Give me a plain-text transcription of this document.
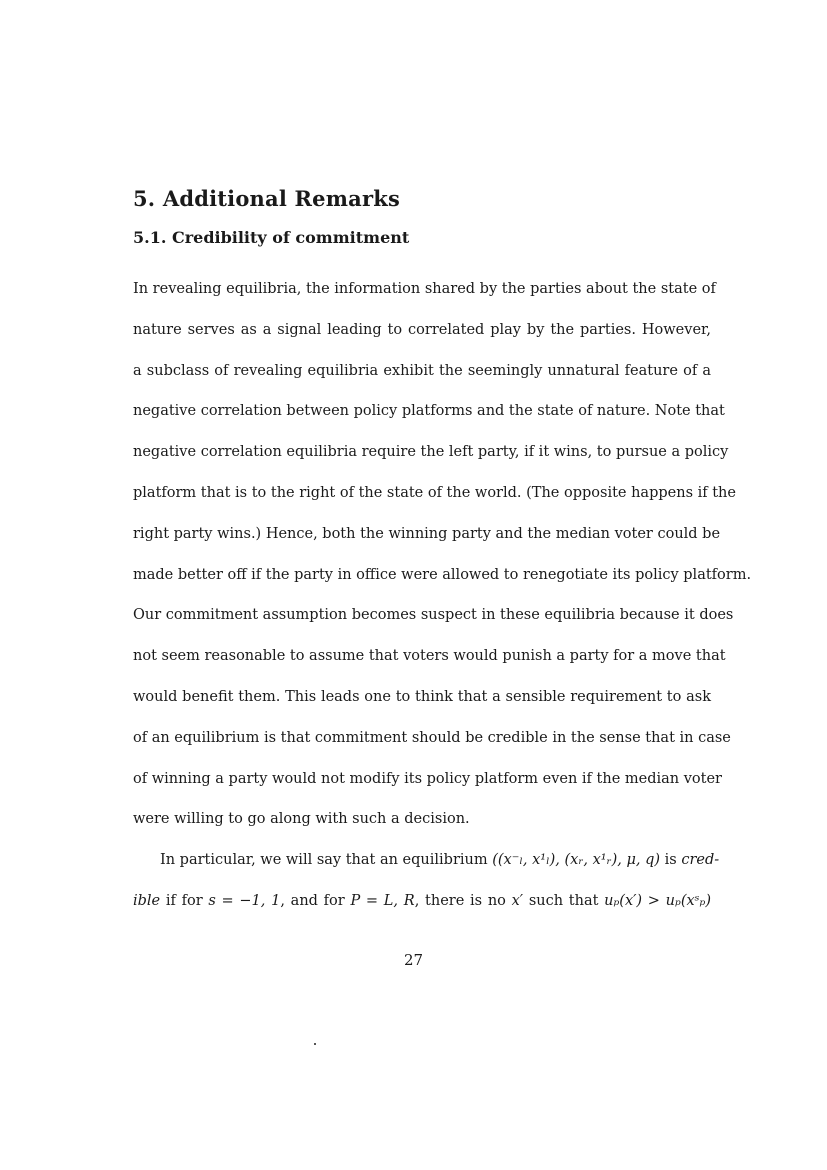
5. Additional Remarks
5.1. Credibility of commitment
In revealing equilibria, the information shared by the parties about the state of
nature serves as a signal leading to correlated play by the parties. However,
a subclass of revealing equilibria exhibit the seemingly unnatural feature of a
negative correlation between policy platforms and the state of nature. Note that
negative correlation equilibria require the left party, if it wins, to pursue a policy
platform that is to the right of the state of the world. (The opposite happens if the
right party wins.) Hence, both the winning party and the median voter could be
made better off if the party in office were allowed to renegotiate its policy platform.
Our commitment assumption becomes suspect in these equilibria because it does
not seem reasonable to assume that voters would punish a party for a move that
would benefit them. This leads one to think that a sensible requirement to ask
of an equilibrium is that commitment should be credible in the sense that in case
of winning a party would not modify its policy platform even if the median voter
were willing to go along with such a decision.
In particular, we will say that an equilibrium ((x⁻ₗ, x¹ₗ), (xᵣ, x¹ᵣ), μ, q) is cred-
ible if for s = −1, 1, and for P = L, R, there is no x′ such that uₚ(x′) > uₚ(xˢₚ)
27
